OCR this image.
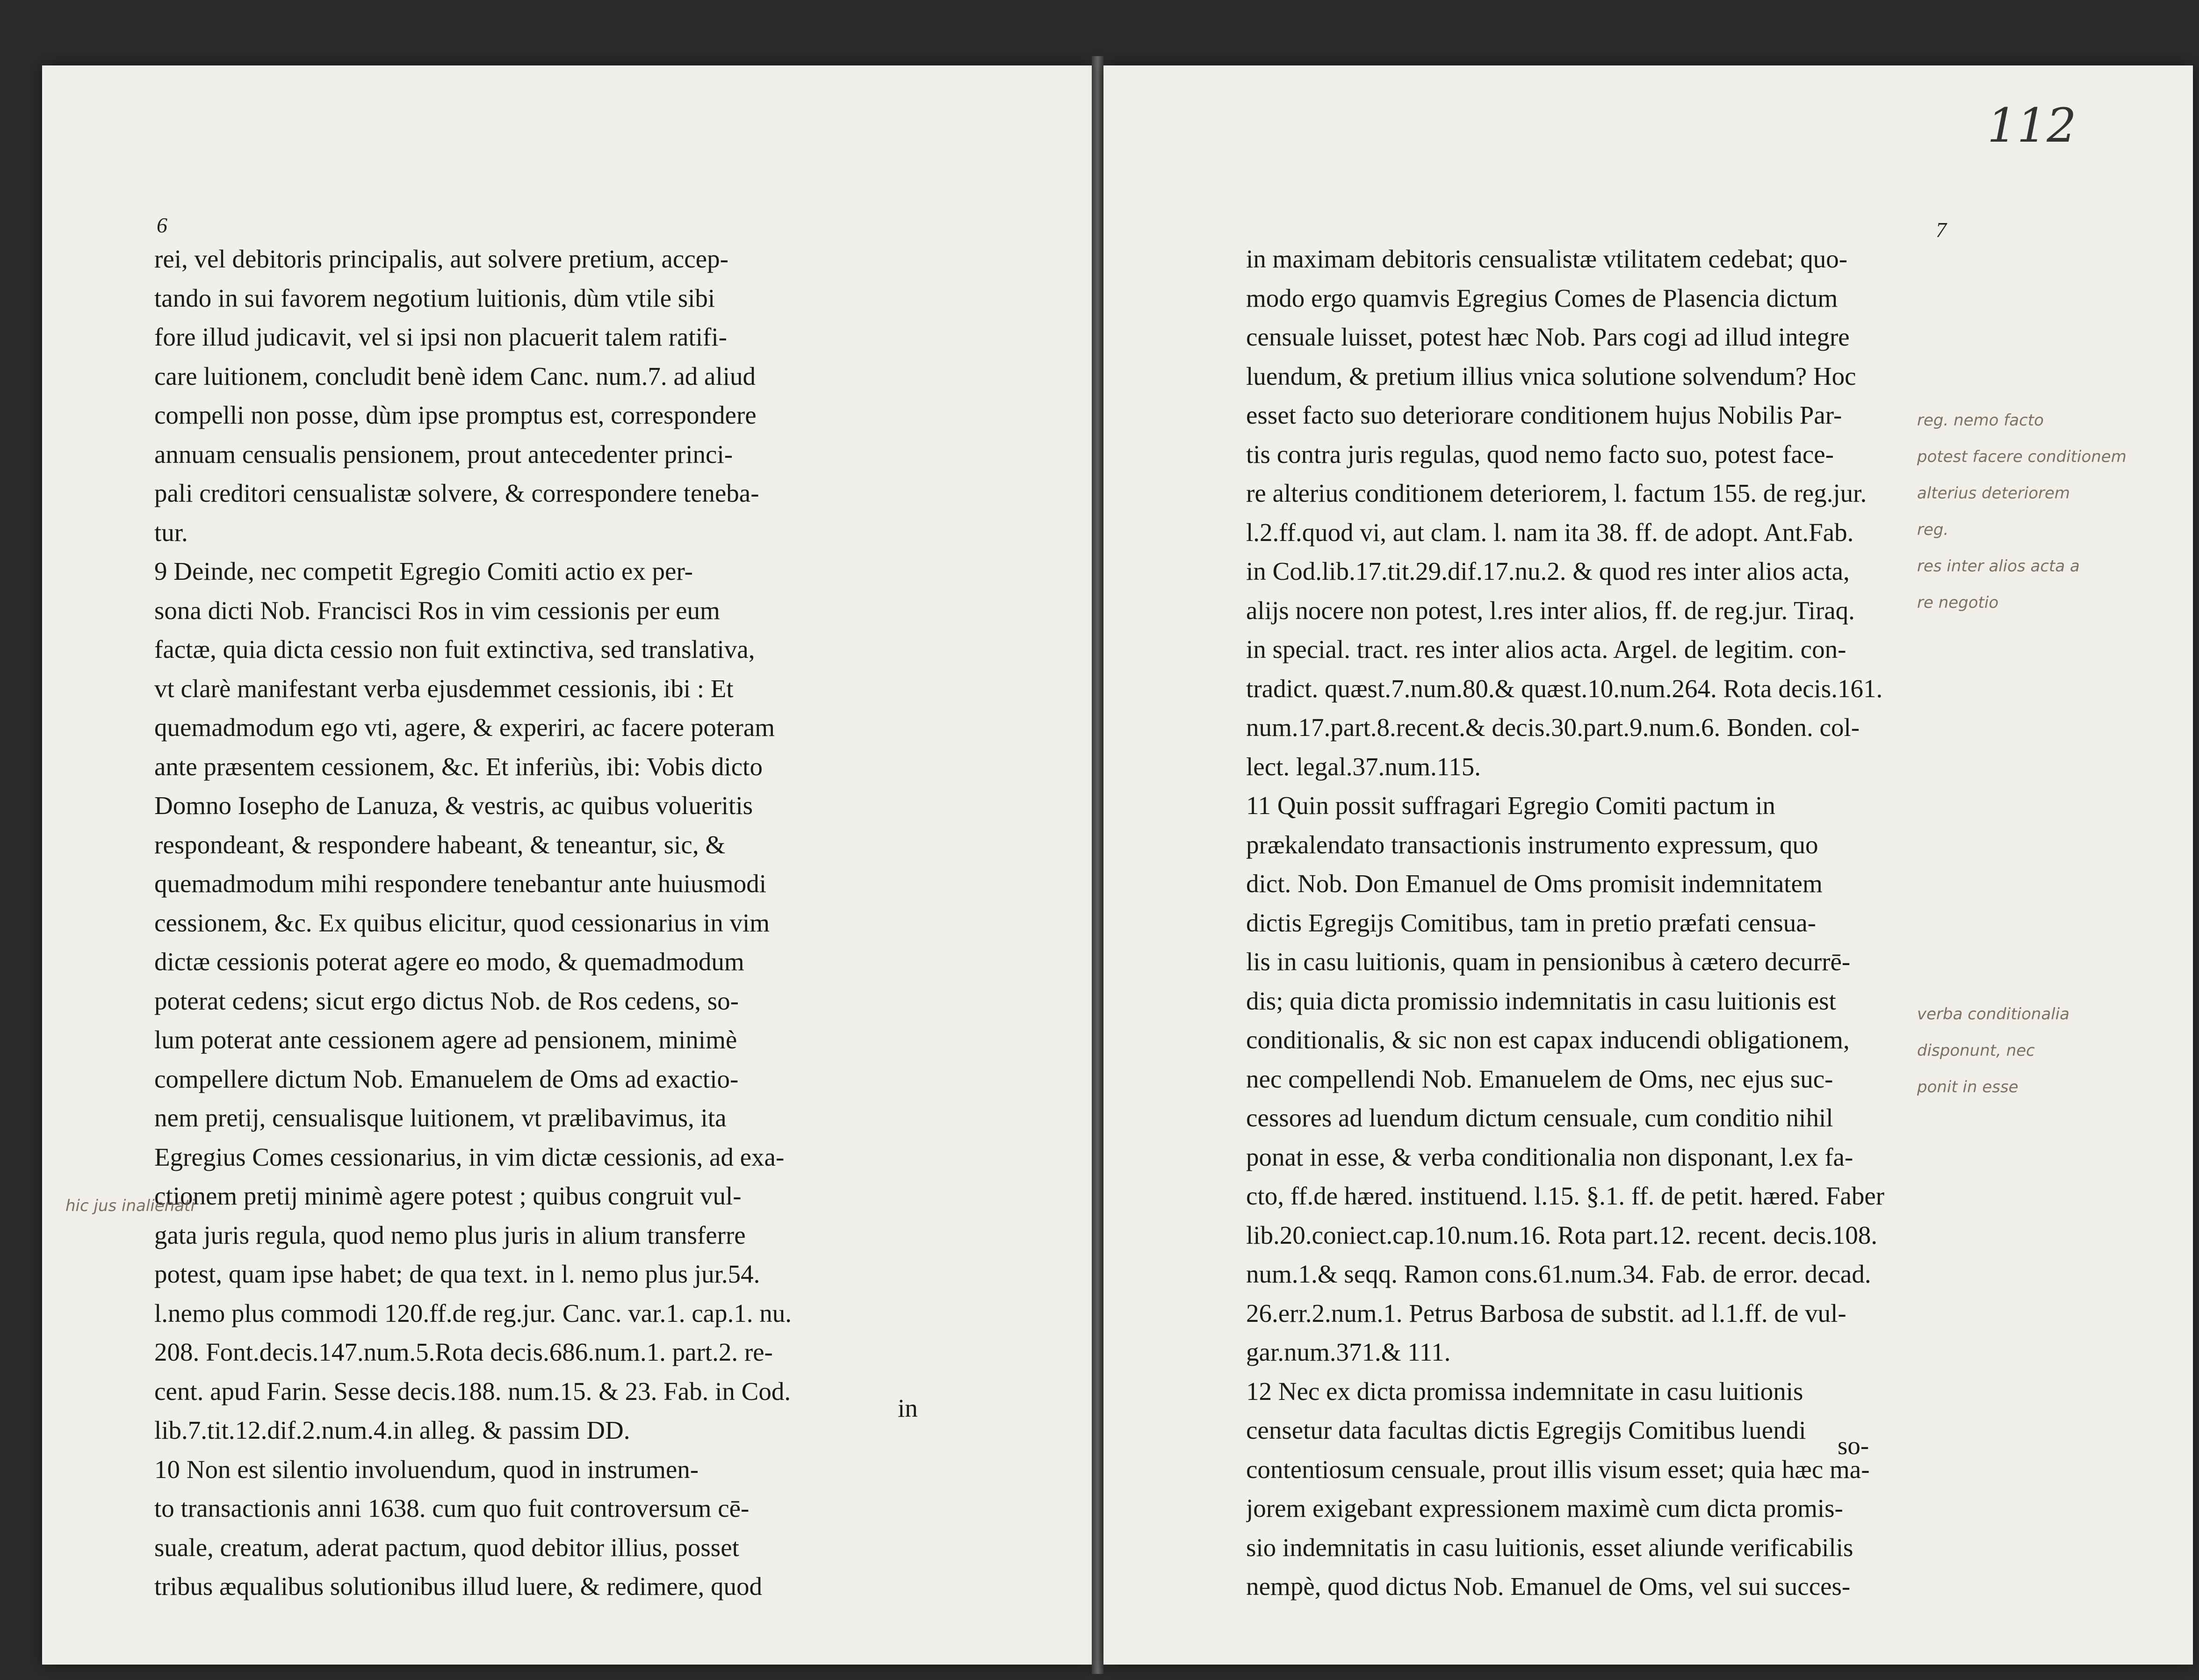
6
rei, vel debitoris principalis, aut solvere pretium, accep-
tando in sui favorem negotium luitionis, dùm vtile sibi
fore illud judicavit, vel si ipsi non placuerit talem ratifi-
care luitionem, concludit benè idem Canc. num.7. ad aliud
compelli non posse, dùm ipse promptus est, correspondere
annuam censualis pensionem, prout antecedenter princi-
pali creditori censualistæ solvere, & correspondere teneba-
tur.
9 Deinde, nec competit Egregio Comiti actio ex per-
sona dicti Nob. Francisci Ros in vim cessionis per eum
factæ, quia dicta cessio non fuit extinctiva, sed translativa,
vt clarè manifestant verba ejusdemmet cessionis, ibi : Et
quemadmodum ego vti, agere, & experiri, ac facere poteram
ante præsentem cessionem, &c. Et inferiùs, ibi: Vobis dicto
Domno Iosepho de Lanuza, & vestris, ac quibus volueritis
respondeant, & respondere habeant, & teneantur, sic, &
quemadmodum mihi respondere tenebantur ante huiusmodi
cessionem, &c. Ex quibus elicitur, quod cessionarius in vim
dictæ cessionis poterat agere eo modo, & quemadmodum
poterat cedens; sicut ergo dictus Nob. de Ros cedens, so-
lum poterat ante cessionem agere ad pensionem, minimè
compellere dictum Nob. Emanuelem de Oms ad exactio-
nem pretij, censualisque luitionem, vt prælibavimus, ita
Egregius Comes cessionarius, in vim dictæ cessionis, ad exa-
ctionem pretij minimè agere potest ; quibus congruit vul-
gata juris regula, quod nemo plus juris in alium transferre
potest, quam ipse habet; de qua text. in l. nemo plus jur.54.
l.nemo plus commodi 120.ff.de reg.jur. Canc. var.1. cap.1. nu.
208. Font.decis.147.num.5.Rota decis.686.num.1. part.2. re-
cent. apud Farin. Sesse decis.188. num.15. & 23. Fab. in Cod.
lib.7.tit.12.dif.2.num.4.in alleg. & passim DD.
10 Non est silentio involuendum, quod in instrumen-
to transactionis anni 1638. cum quo fuit controversum cē-
suale, creatum, aderat pactum, quod debitor illius, posset
tribus æqualibus solutionibus illud luere, & redimere, quod
in
hic jus inalienati
112
7
in maximam debitoris censualistæ vtilitatem cedebat; quo-
modo ergo quamvis Egregius Comes de Plasencia dictum
censuale luisset, potest hæc Nob. Pars cogi ad illud integre
luendum, & pretium illius vnica solutione solvendum? Hoc
esset facto suo deteriorare conditionem hujus Nobilis Par-
tis contra juris regulas, quod nemo facto suo, potest face-
re alterius conditionem deteriorem, l. factum 155. de reg.jur.
l.2.ff.quod vi, aut clam. l. nam ita 38. ff. de adopt. Ant.Fab.
in Cod.lib.17.tit.29.dif.17.nu.2. & quod res inter alios acta,
alijs nocere non potest, l.res inter alios, ff. de reg.jur. Tiraq.
in special. tract. res inter alios acta. Argel. de legitim. con-
tradict. quæst.7.num.80.& quæst.10.num.264. Rota decis.161.
num.17.part.8.recent.& decis.30.part.9.num.6. Bonden. col-
lect. legal.37.num.115.
11 Quin possit suffragari Egregio Comiti pactum in
prækalendato transactionis instrumento expressum, quo
dict. Nob. Don Emanuel de Oms promisit indemnitatem
dictis Egregijs Comitibus, tam in pretio præfati censua-
lis in casu luitionis, quam in pensionibus à cætero decurrē-
dis; quia dicta promissio indemnitatis in casu luitionis est
conditionalis, & sic non est capax inducendi obligationem,
nec compellendi Nob. Emanuelem de Oms, nec ejus suc-
cessores ad luendum dictum censuale, cum conditio nihil
ponat in esse, & verba conditionalia non disponant, l.ex fa-
cto, ff.de hæred. instituend. l.15. §.1. ff. de petit. hæred. Faber
lib.20.coniect.cap.10.num.16. Rota part.12. recent. decis.108.
num.1.& seqq. Ramon cons.61.num.34. Fab. de error. decad.
26.err.2.num.1. Petrus Barbosa de substit. ad l.1.ff. de vul-
gar.num.371.& 111.
12 Nec ex dicta promissa indemnitate in casu luitionis
censetur data facultas dictis Egregijs Comitibus luendi
contentiosum censuale, prout illis visum esset; quia hæc ma-
jorem exigebant expressionem maximè cum dicta promis-
sio indemnitatis in casu luitionis, esset aliunde verificabilis
nempè, quod dictus Nob. Emanuel de Oms, vel sui succes-
so-
reg. nemo facto
potest facere conditionem
alterius deteriorem
reg.
res inter alios acta a
re negotio
verba conditionalia
disponunt, nec
ponit in esse
